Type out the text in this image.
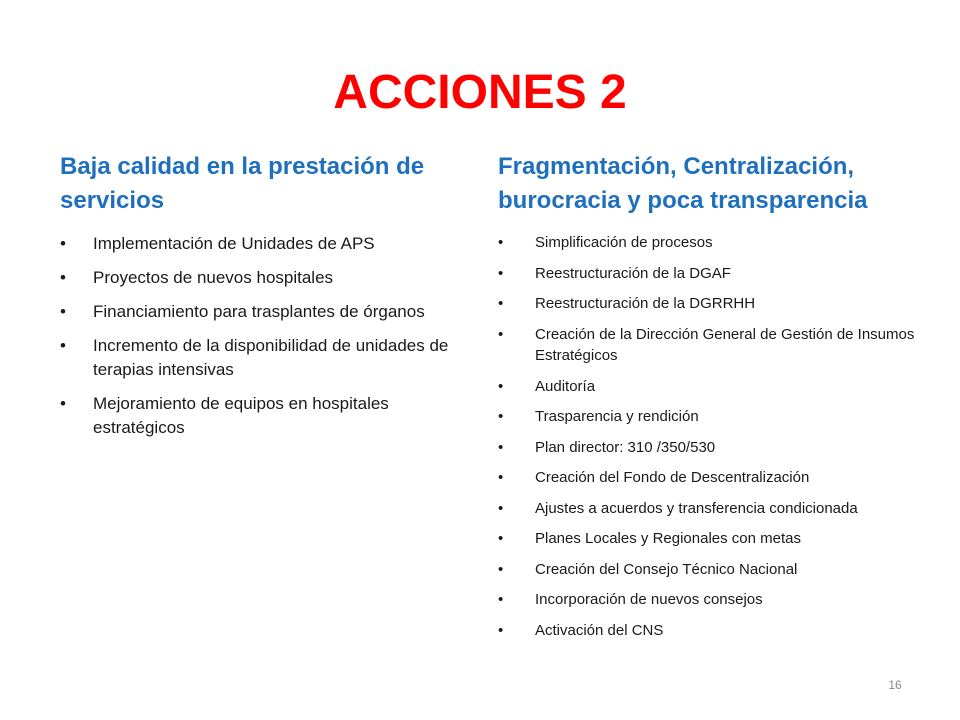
ACCIONES 2
Baja calidad en la prestación de servicios
• Implementación de Unidades de APS
• Proyectos de nuevos hospitales
• Financiamiento para trasplantes de órganos
• Incremento de la disponibilidad de unidades de terapias intensivas
• Mejoramiento de equipos en hospitales estratégicos
Fragmentación, Centralización, burocracia y poca transparencia
• Simplificación de procesos
• Reestructuración de la DGAF
• Reestructuración de la DGRRHH
• Creación de la Dirección General de Gestión de Insumos Estratégicos
• Auditoría
• Trasparencia y rendición
• Plan director: 310 /350/530
• Creación del Fondo de Descentralización
• Ajustes a acuerdos y transferencia condicionada
• Planes Locales y Regionales con metas
• Creación del Consejo Técnico Nacional
• Incorporación de nuevos consejos
• Activación del CNS
16
